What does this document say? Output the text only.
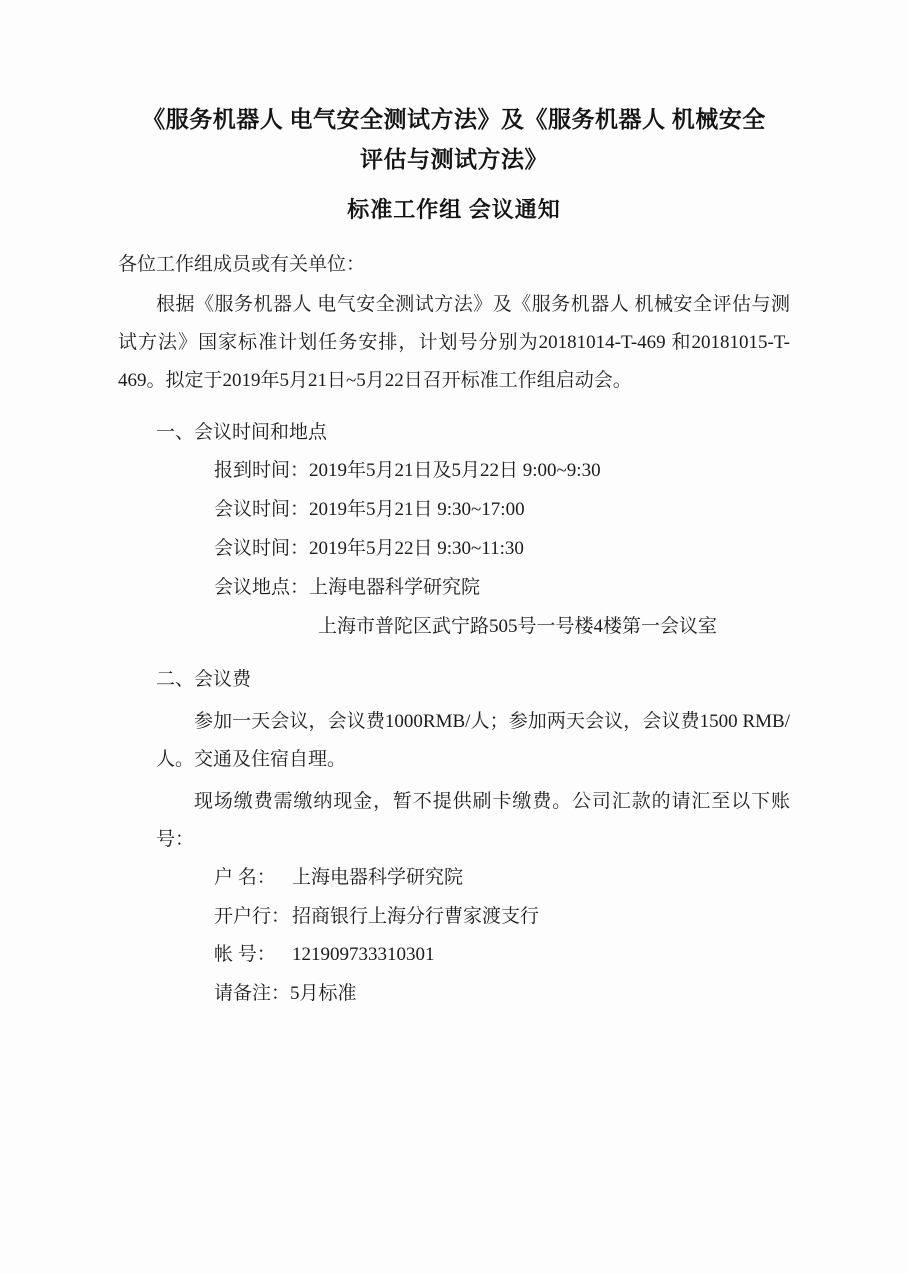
《服务机器人 电气安全测试方法》及《服务机器人 机械安全
评估与测试方法》
标准工作组 会议通知
各位工作组成员或有关单位：

根据《服务机器人 电气安全测试方法》及《服务机器人 机械安全评估与测试方法》国家标准计划任务安排，计划号分别为20181014-T-469 和20181015-T-469。拟定于2019年5月21日~5月22日召开标准工作组启动会。

一、会议时间和地点
报到时间：2019年5月21日及5月22日 9:00~9:30
会议时间：2019年5月21日 9:30~17:00
会议时间：2019年5月22日 9:30~11:30
会议地点：上海电器科学研究院
上海市普陀区武宁路505号一号楼4楼第一会议室
二、会议费

参加一天会议，会议费1000RMB/人；参加两天会议，会议费1500 RMB/人。交通及住宿自理。

现场缴费需缴纳现金，暂不提供刷卡缴费。公司汇款的请汇至以下账号：

户 名： 上海电器科学研究院
开户行： 招商银行上海分行曹家渡支行
帐 号： 121909733310301
请备注：5月标准
